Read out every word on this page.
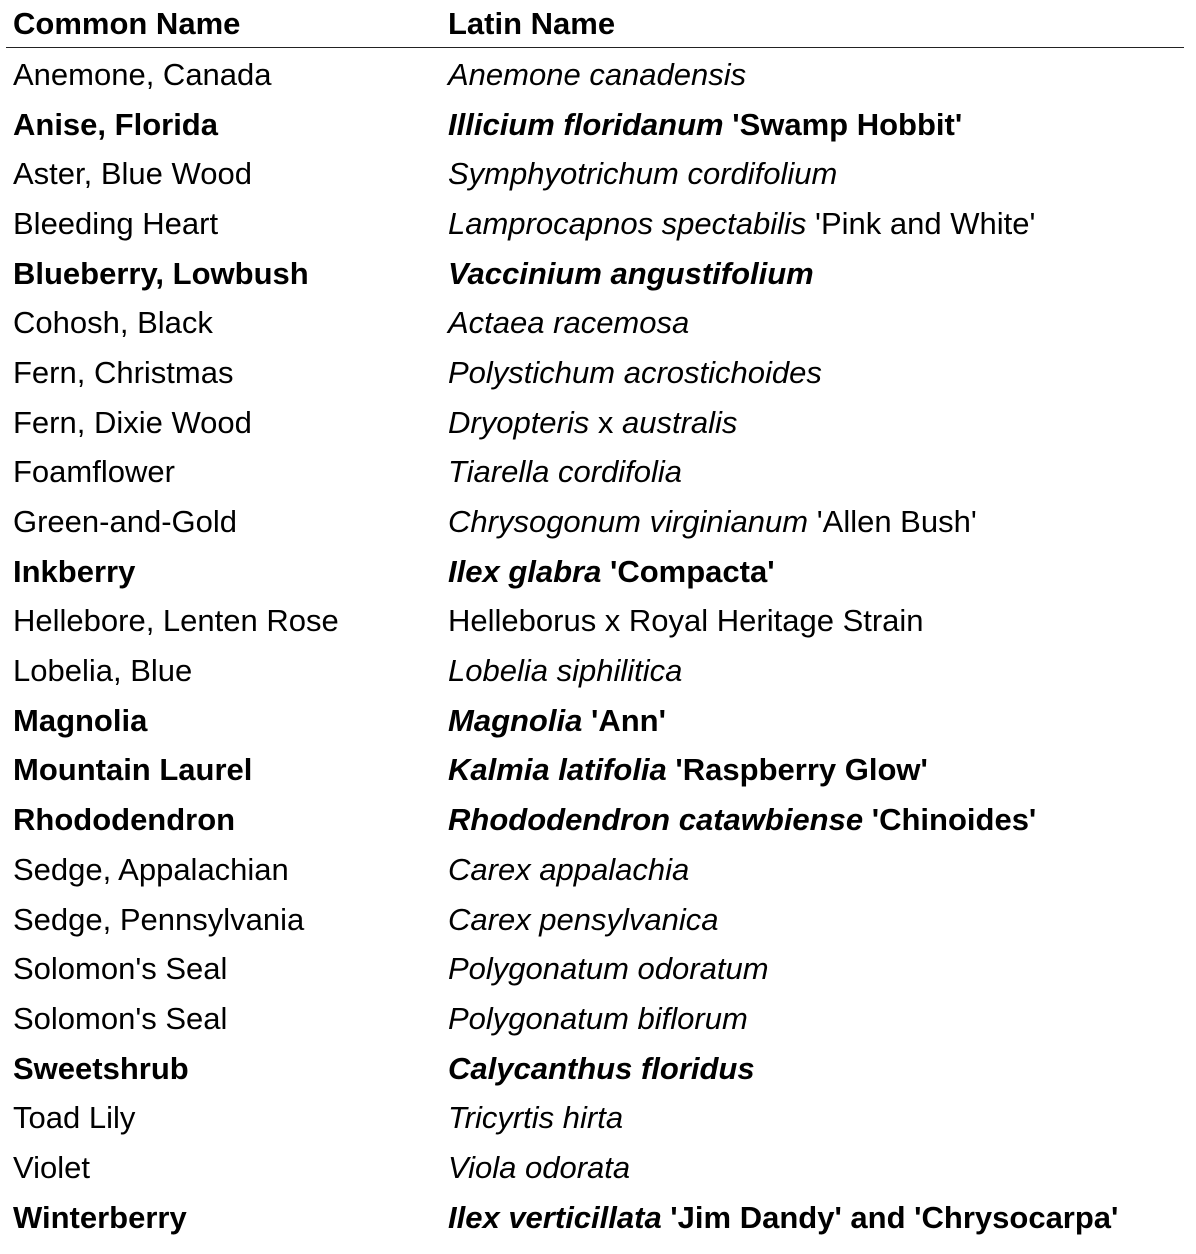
Common Name	Latin Name
Anemone, Canada	Anemone canadensis
Anise, Florida	Illicium floridanum 'Swamp Hobbit'
Aster, Blue Wood	Symphyotrichum cordifolium
Bleeding Heart	Lamprocapnos spectabilis 'Pink and White'
Blueberry, Lowbush	Vaccinium angustifolium
Cohosh, Black	Actaea racemosa
Fern, Christmas	Polystichum acrostichoides
Fern, Dixie Wood	Dryopteris x australis
Foamflower	Tiarella cordifolia
Green-and-Gold	Chrysogonum virginianum 'Allen Bush'
Inkberry	Ilex glabra 'Compacta'
Hellebore, Lenten Rose	Helleborus x Royal Heritage Strain
Lobelia, Blue	Lobelia siphilitica
Magnolia	Magnolia 'Ann'
Mountain Laurel	Kalmia latifolia 'Raspberry Glow'
Rhododendron	Rhododendron catawbiense 'Chinoides'
Sedge, Appalachian	Carex appalachia
Sedge, Pennsylvania	Carex pensylvanica
Solomon's Seal	Polygonatum odoratum
Solomon's Seal	Polygonatum biflorum
Sweetshrub	Calycanthus floridus
Toad Lily	Tricyrtis hirta
Violet	Viola odorata
Winterberry	Ilex verticillata 'Jim Dandy' and 'Chrysocarpa'
